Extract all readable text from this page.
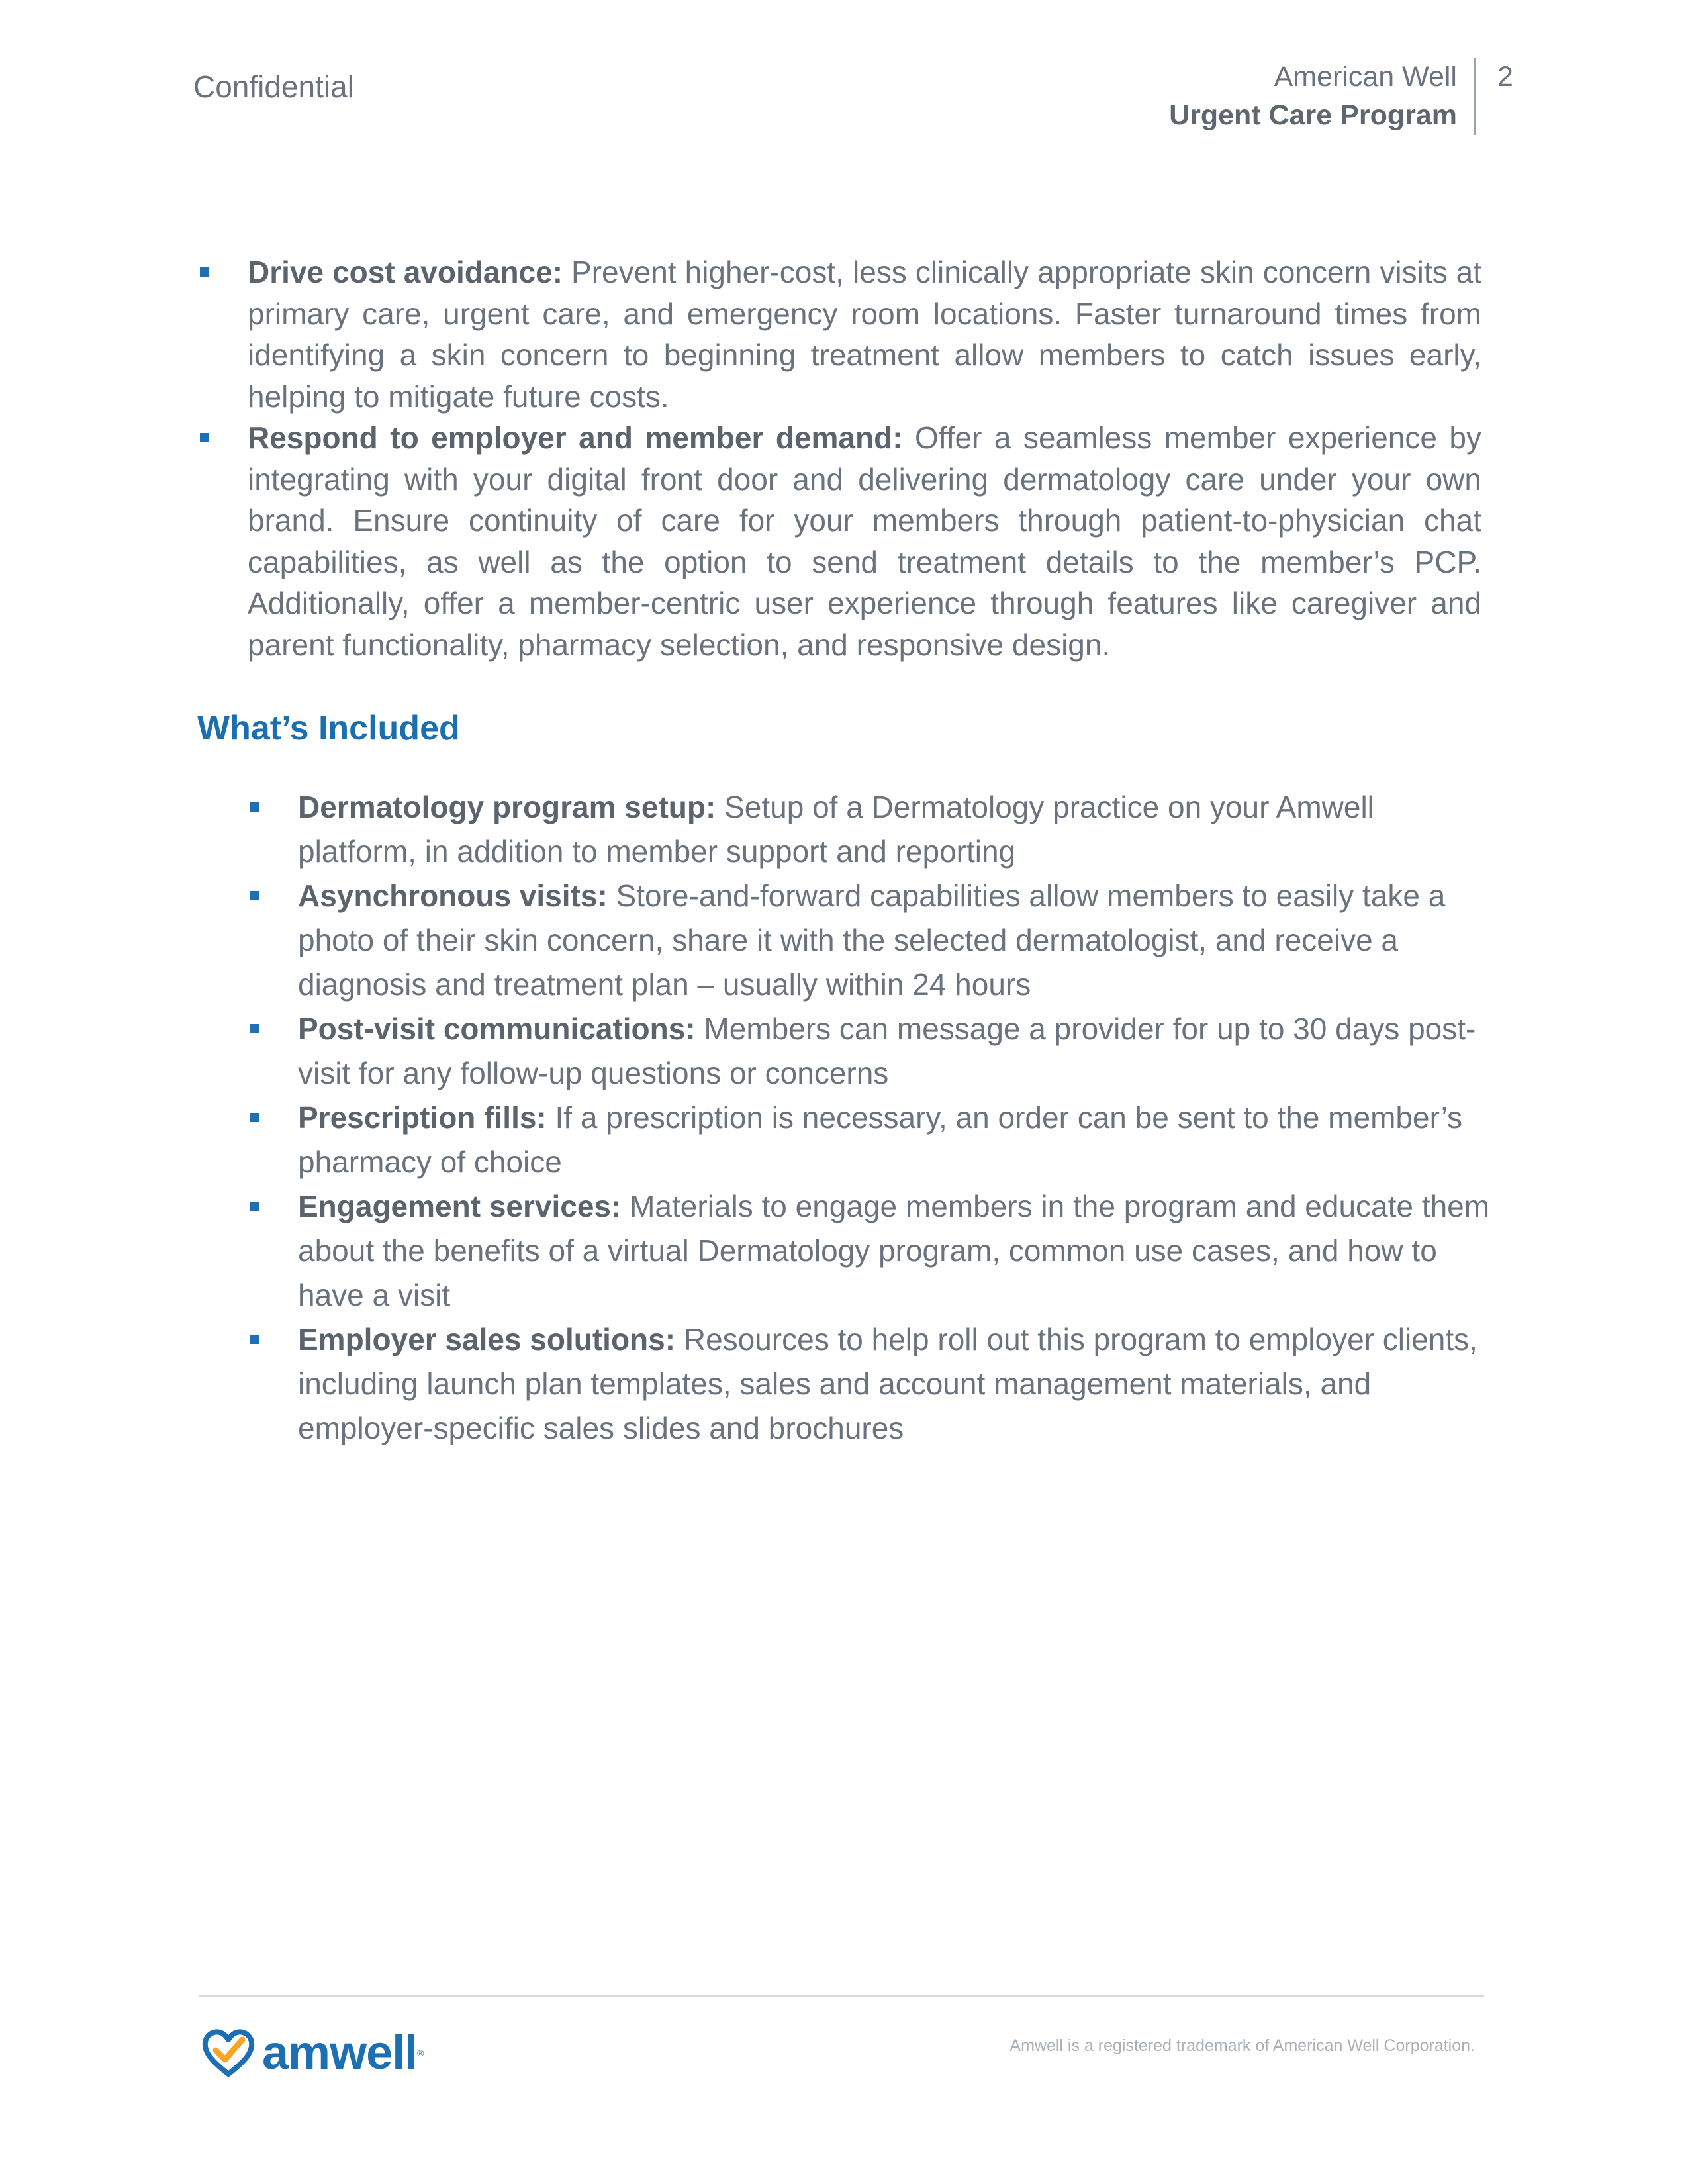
Confidential	American Well
Urgent Care Program
2
Drive cost avoidance: Prevent higher-cost, less clinically appropriate skin concern visits at primary care, urgent care, and emergency room locations. Faster turnaround times from identifying a skin concern to beginning treatment allow members to catch issues early, helping to mitigate future costs.
Respond to employer and member demand: Offer a seamless member experience by integrating with your digital front door and delivering dermatology care under your own brand. Ensure continuity of care for your members through patient-to-physician chat capabilities, as well as the option to send treatment details to the member’s PCP. Additionally, offer a member-centric user experience through features like caregiver and parent functionality, pharmacy selection, and responsive design.
What’s Included
Dermatology program setup: Setup of a Dermatology practice on your Amwell platform, in addition to member support and reporting
Asynchronous visits: Store-and-forward capabilities allow members to easily take a photo of their skin concern, share it with the selected dermatologist, and receive a diagnosis and treatment plan – usually within 24 hours
Post-visit communications: Members can message a provider for up to 30 days post-visit for any follow-up questions or concerns
Prescription fills: If a prescription is necessary, an order can be sent to the member’s pharmacy of choice
Engagement services: Materials to engage members in the program and educate them about the benefits of a virtual Dermatology program, common use cases, and how to have a visit
Employer sales solutions: Resources to help roll out this program to employer clients, including launch plan templates, sales and account management materials, and employer-specific sales slides and brochures
amwell ®	Amwell is a registered trademark of American Well Corporation.
